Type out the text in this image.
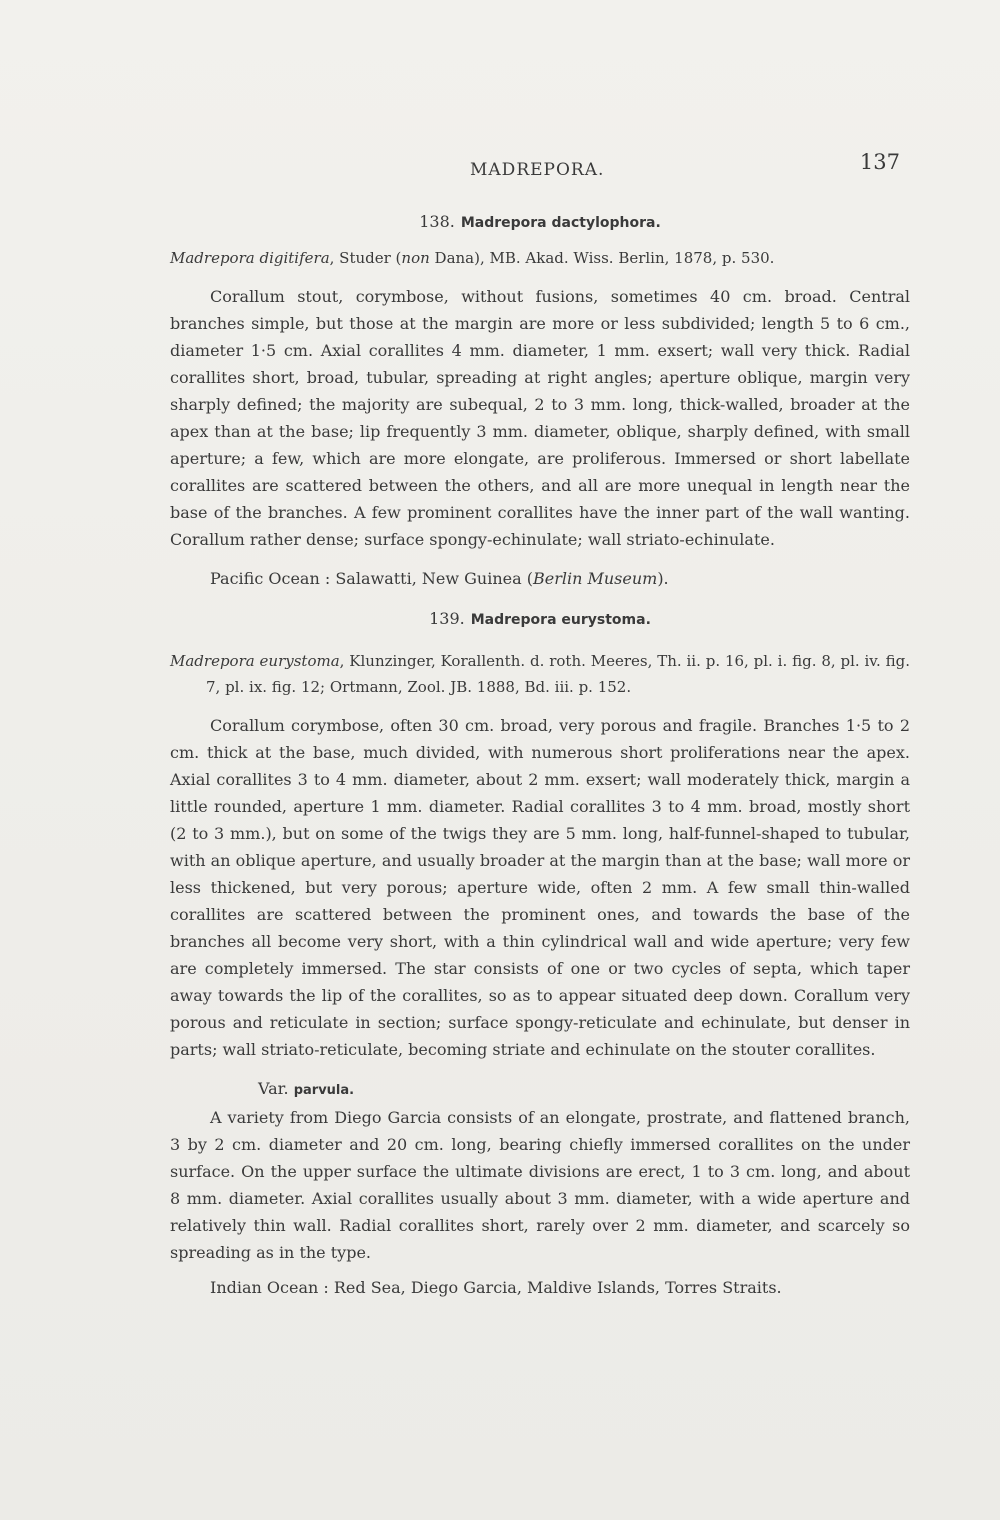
MADREPORA.	137

138. Madrepora dactylophora.

Madrepora digitifera, Studer (non Dana), MB. Akad. Wiss. Berlin, 1878, p. 530.

Corallum stout, corymbose, without fusions, sometimes 40 cm. broad. Central branches simple, but those at the margin are more or less subdivided; length 5 to 6 cm., diameter 1·5 cm. Axial corallites 4 mm. diameter, 1 mm. exsert; wall very thick. Radial corallites short, broad, tubular, spreading at right angles; aperture oblique, margin very sharply defined; the majority are subequal, 2 to 3 mm. long, thick-walled, broader at the apex than at the base; lip frequently 3 mm. diameter, oblique, sharply defined, with small aperture; a few, which are more elongate, are proliferous. Immersed or short labellate corallites are scattered between the others, and all are more unequal in length near the base of the branches. A few prominent corallites have the inner part of the wall wanting. Corallum rather dense; surface spongy-echinulate; wall striato-echinulate.

Pacific Ocean : Salawatti, New Guinea (Berlin Museum).

139. Madrepora eurystoma.

Madrepora eurystoma, Klunzinger, Korallenth. d. roth. Meeres, Th. ii. p. 16, pl. i. fig. 8, pl. iv. fig. 7, pl. ix. fig. 12; Ortmann, Zool. JB. 1888, Bd. iii. p. 152.

Corallum corymbose, often 30 cm. broad, very porous and fragile. Branches 1·5 to 2 cm. thick at the base, much divided, with numerous short proliferations near the apex. Axial corallites 3 to 4 mm. diameter, about 2 mm. exsert; wall moderately thick, margin a little rounded, aperture 1 mm. diameter. Radial corallites 3 to 4 mm. broad, mostly short (2 to 3 mm.), but on some of the twigs they are 5 mm. long, half-funnel-shaped to tubular, with an oblique aperture, and usually broader at the margin than at the base; wall more or less thickened, but very porous; aperture wide, often 2 mm. A few small thin-walled corallites are scattered between the prominent ones, and towards the base of the branches all become very short, with a thin cylindrical wall and wide aperture; very few are completely immersed. The star consists of one or two cycles of septa, which taper away towards the lip of the corallites, so as to appear situated deep down. Corallum very porous and reticulate in section; surface spongy-reticulate and echinulate, but denser in parts; wall striato-reticulate, becoming striate and echinulate on the stouter corallites.

Var. parvula.

A variety from Diego Garcia consists of an elongate, prostrate, and flattened branch, 3 by 2 cm. diameter and 20 cm. long, bearing chiefly immersed corallites on the under surface. On the upper surface the ultimate divisions are erect, 1 to 3 cm. long, and about 8 mm. diameter. Axial corallites usually about 3 mm. diameter, with a wide aperture and relatively thin wall. Radial corallites short, rarely over 2 mm. diameter, and scarcely so spreading as in the type.

Indian Ocean : Red Sea, Diego Garcia, Maldive Islands, Torres Straits.
